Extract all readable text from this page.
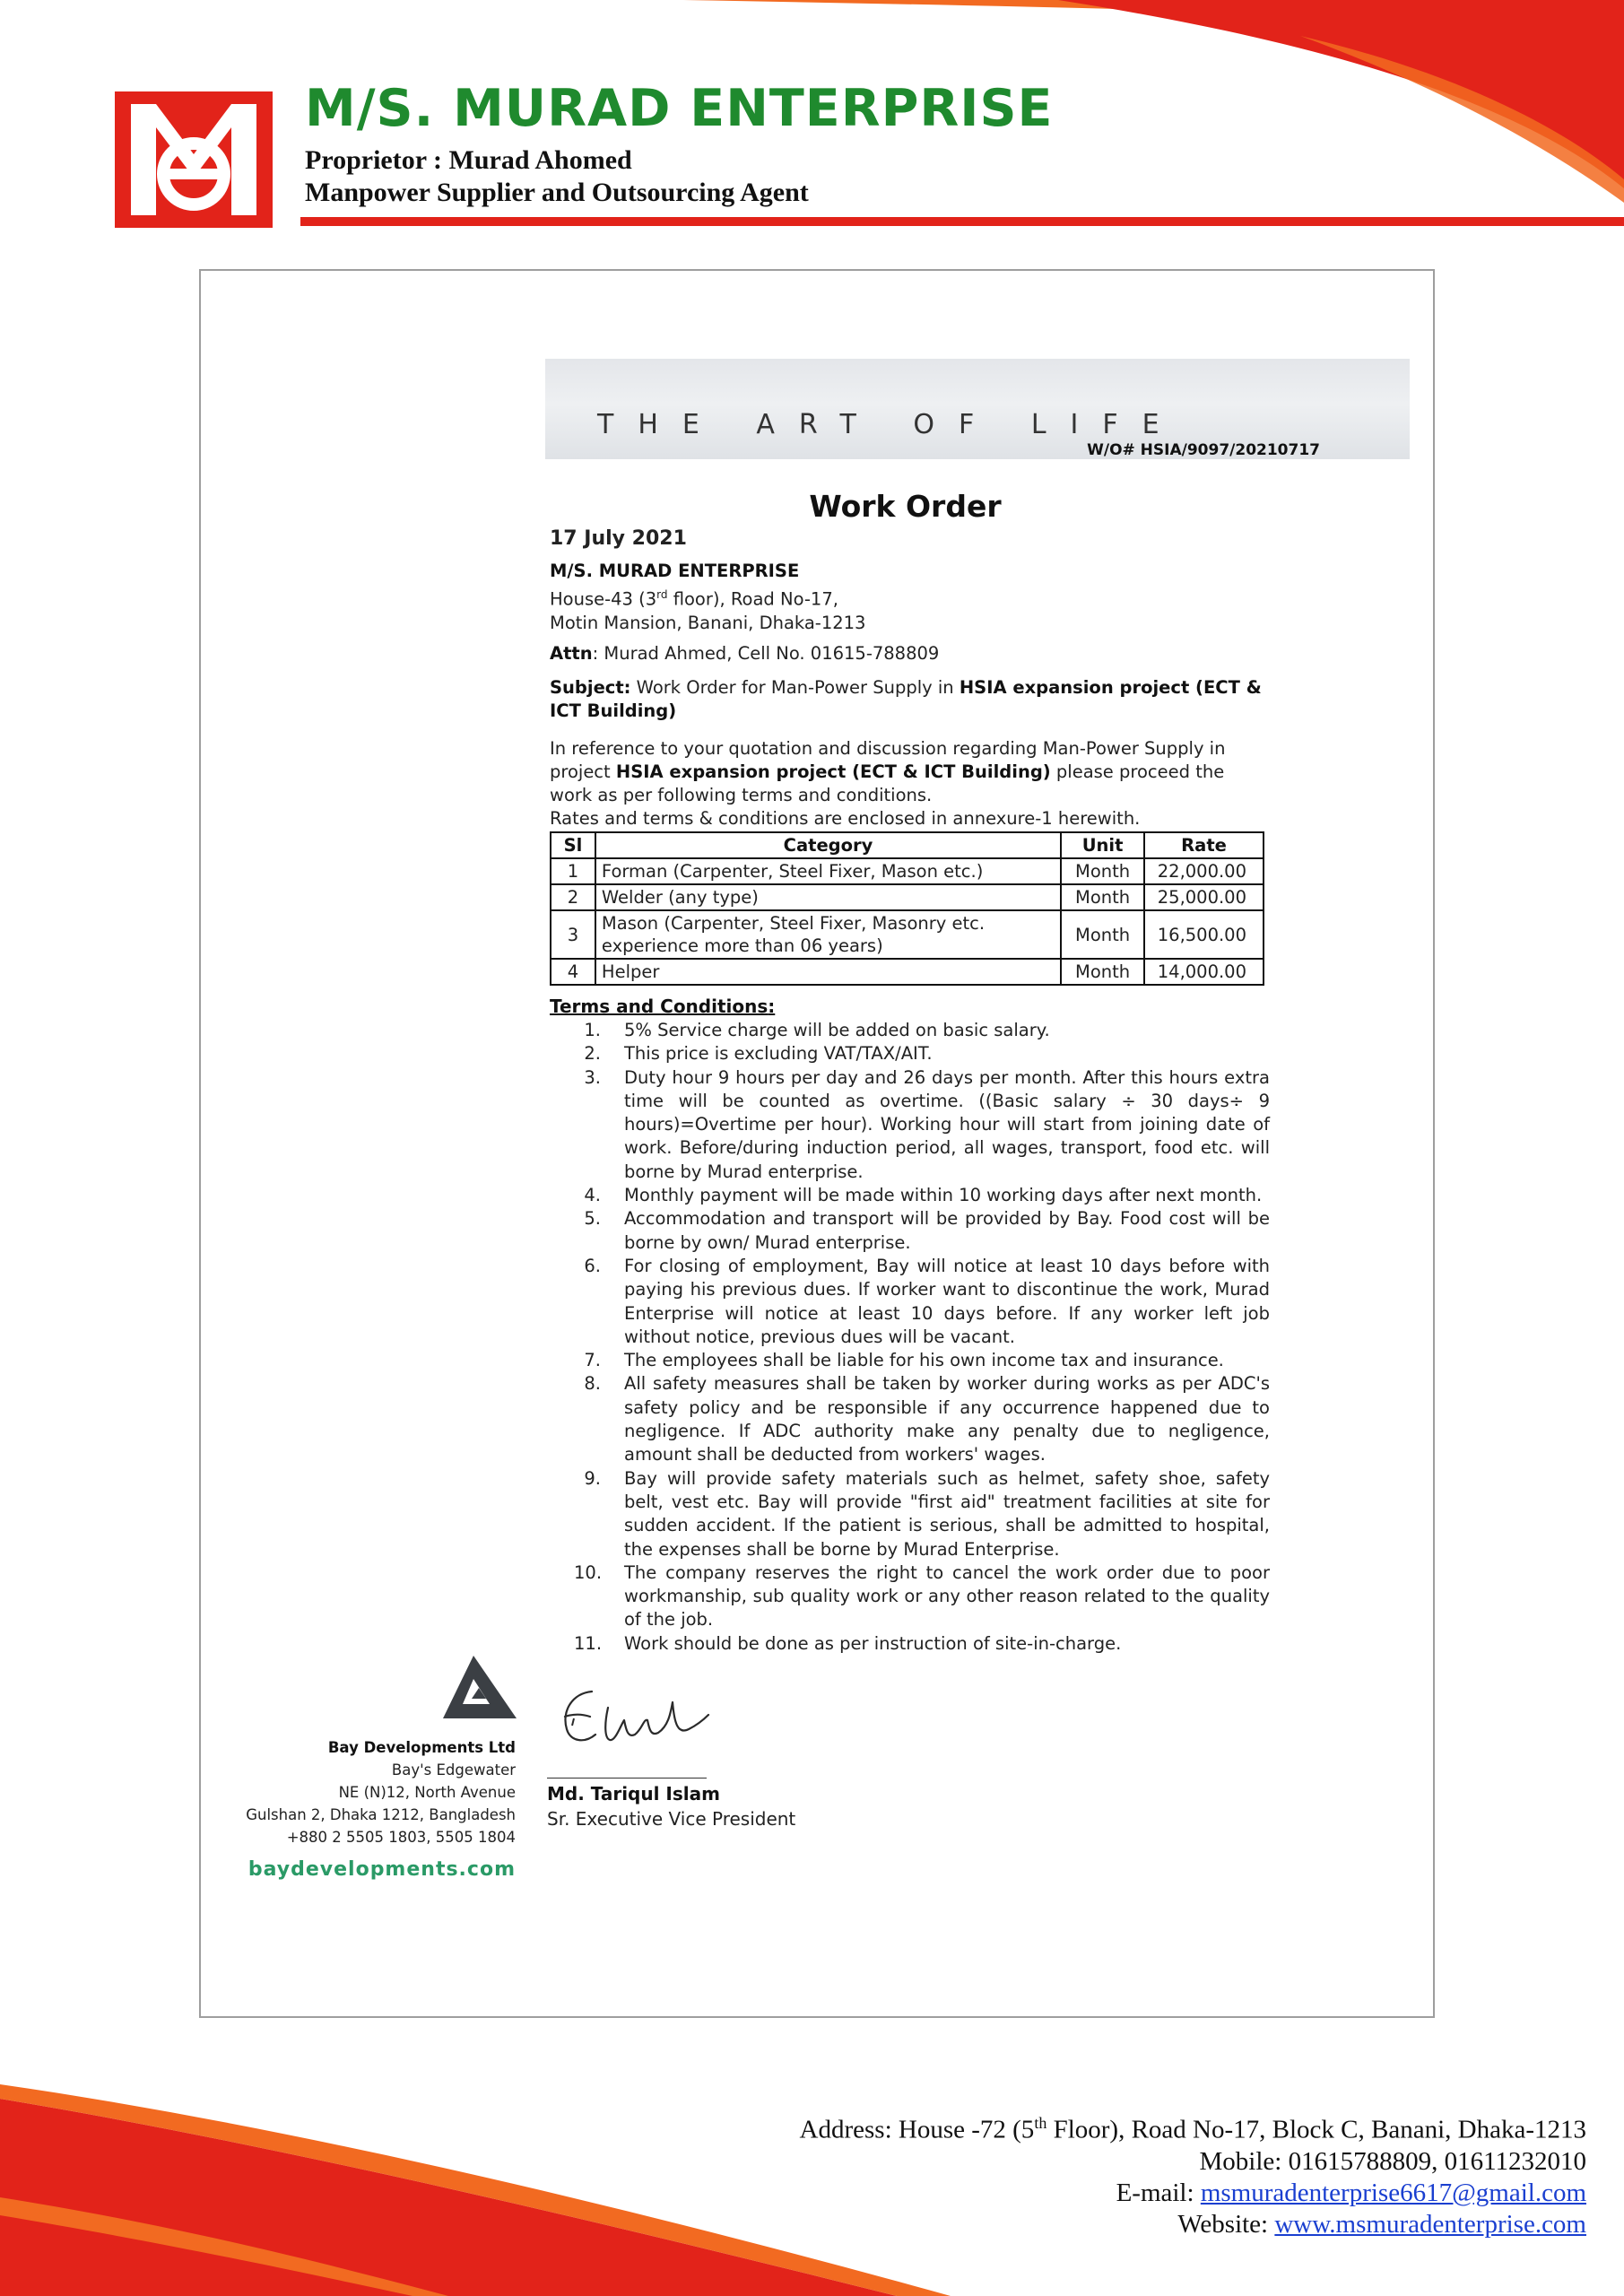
M/S. MURAD ENTERPRISE
Proprietor : Murad Ahomed
Manpower Supplier and Outsourcing Agent
THE ART OF LIFE
W/O# HSIA/9097/20210717
Work Order
17 July 2021
M/S. MURAD ENTERPRISE
House-43 (3rd floor), Road No-17,
Motin Mansion, Banani, Dhaka-1213
Attn: Murad Ahmed, Cell No. 01615-788809
Subject: Work Order for Man-Power Supply in HSIA expansion project (ECT & ICT Building)

In reference to your quotation and discussion regarding Man-Power Supply in project HSIA expansion project (ECT & ICT Building) please proceed the work as per following terms and conditions.

Rates and terms & conditions are enclosed in annexure-1 herewith.

Sl	Category	Unit	Rate
1	Forman (Carpenter, Steel Fixer, Mason etc.)	Month	22,000.00
2	Welder (any type)	Month	25,000.00
3	Mason (Carpenter, Steel Fixer, Masonry etc. experience more than 06 years)	Month	16,500.00
4	Helper	Month	14,000.00
Terms and Conditions:
1. 5% Service charge will be added on basic salary.
2. This price is excluding VAT/TAX/AIT.
3. Duty hour 9 hours per day and 26 days per month. After this hours extra time will be counted as overtime. ((Basic salary ÷ 30 days÷ 9 hours)=Overtime per hour). Working hour will start from joining date of work. Before/during induction period, all wages, transport, food etc. will borne by Murad enterprise.
4. Monthly payment will be made within 10 working days after next month.
5. Accommodation and transport will be provided by Bay. Food cost will be borne by own/ Murad enterprise.
6. For closing of employment, Bay will notice at least 10 days before with paying his previous dues. If worker want to discontinue the work, Murad Enterprise will notice at least 10 days before. If any worker left job without notice, previous dues will be vacant.
7. The employees shall be liable for his own income tax and insurance.
8. All safety measures shall be taken by worker during works as per ADC's safety policy and be responsible if any occurrence happened due to negligence. If ADC authority make any penalty due to negligence, amount shall be deducted from workers' wages.
9. Bay will provide safety materials such as helmet, safety shoe, safety belt, vest etc. Bay will provide "first aid" treatment facilities at site for sudden accident. If the patient is serious, shall be admitted to hospital, the expenses shall be borne by Murad Enterprise.
10. The company reserves the right to cancel the work order due to poor workmanship, sub quality work or any other reason related to the quality of the job.
11. Work should be done as per instruction of site-in-charge.
Bay Developments Ltd
Bay's Edgewater
NE (N)12, North Avenue
Gulshan 2, Dhaka 1212, Bangladesh
+880 2 5505 1803, 5505 1804
baydevelopments.com
Md. Tariqul Islam
Sr. Executive Vice President
Address: House -72 (5th Floor), Road No-17, Block C, Banani, Dhaka-1213
Mobile: 01615788809, 01611232010
E-mail: msmuradenterprise6617@gmail.com
Website: www.msmuradenterprise.com
